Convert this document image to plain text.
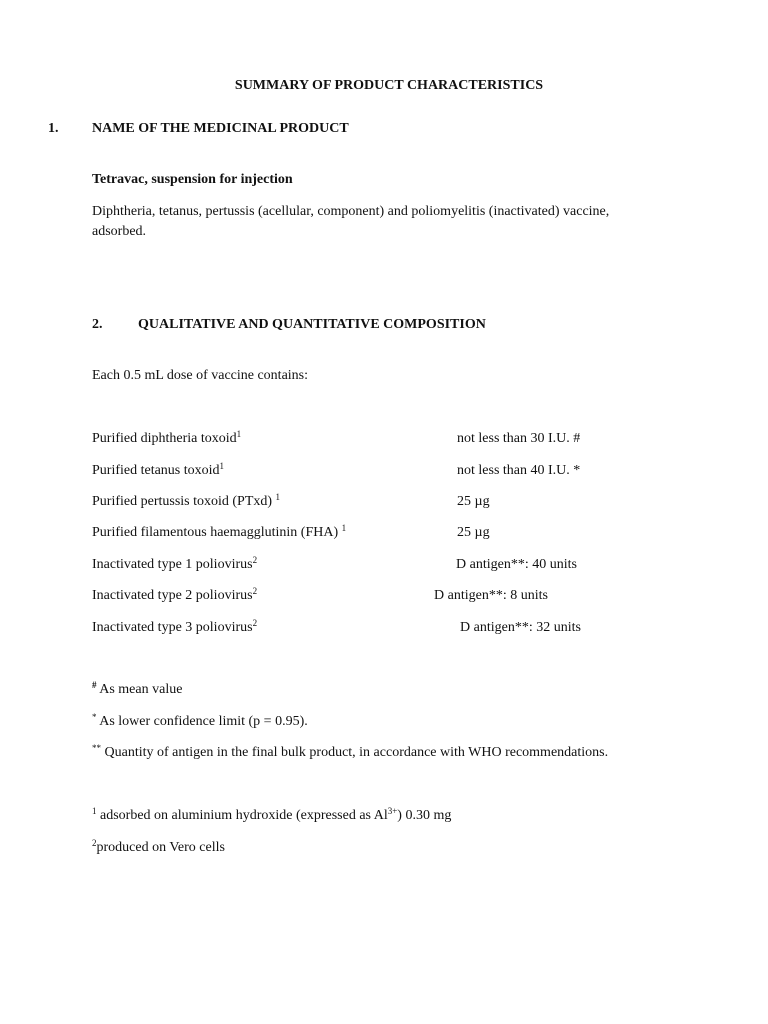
SUMMARY OF PRODUCT CHARACTERISTICS
1. NAME OF THE MEDICINAL PRODUCT
Tetravac, suspension for injection
Diphtheria, tetanus, pertussis (acellular, component) and poliomyelitis (inactivated) vaccine,
adsorbed.
2.	QUALITATIVE AND QUANTITATIVE COMPOSITION
Each 0.5 mL dose of vaccine contains:
Purified diphtheria toxoid$^1$	not less than 30 I.U. #
Purified tetanus toxoid$^1$	not less than 40 I.U. *
Purified pertussis toxoid (PTxd) $^1$	25 µg
Purified filamentous haemagglutinin (FHA) $^1$	25 µg
Inactivated type 1 poliovirus$^2$	D antigen**: 40 units
Inactivated type 2 poliovirus$^2$	D antigen**: 8 units
Inactivated type 3 poliovirus$^2$	D antigen**: 32 units
# As mean value
* As lower confidence limit (p = 0.95).
** Quantity of antigen in the final bulk product, in accordance with WHO recommendations.
$^1$ adsorbed on aluminium hydroxide (expressed as $Al^{3+}$) 0.30 mg
$^2$produced on Vero cells
